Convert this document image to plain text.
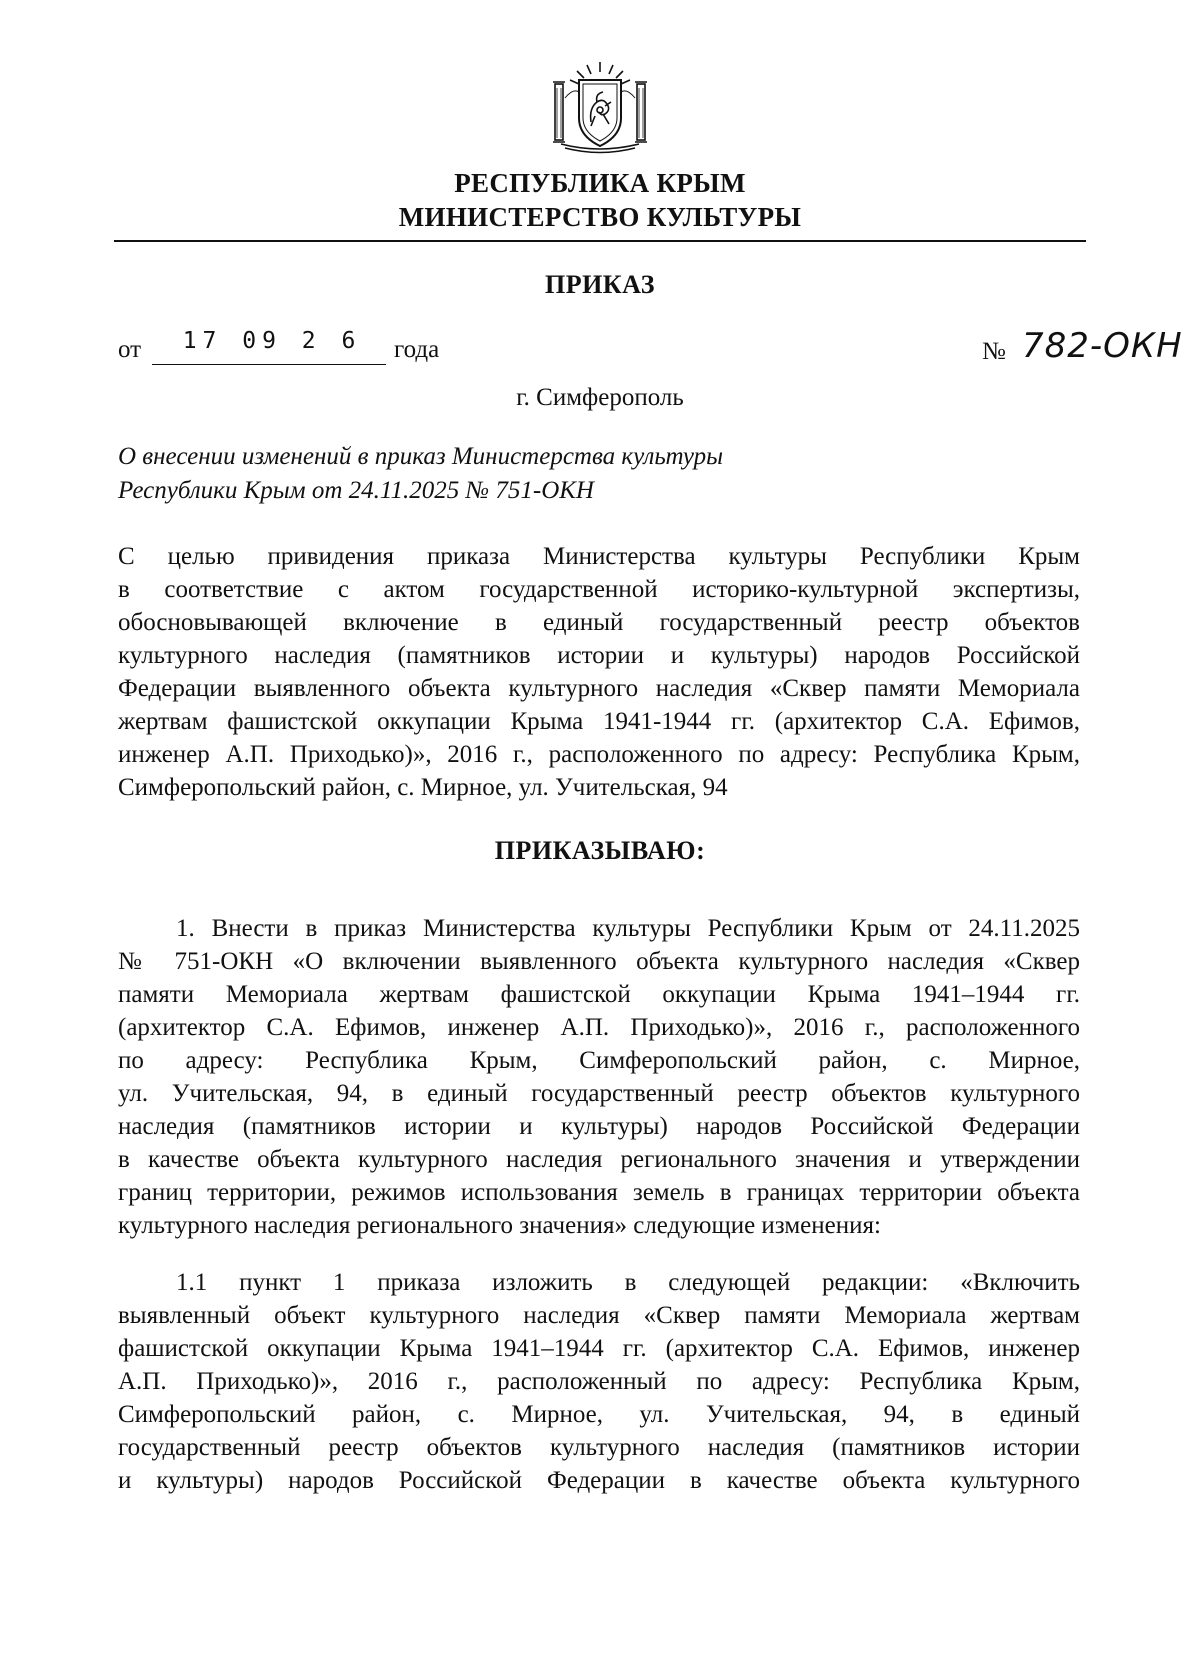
РЕСПУБЛИКА КРЫМ
МИНИСТЕРСТВО КУЛЬТУРЫ
ПРИКАЗ
от 17 09 2 6 года	№ 782-ОКН
г. Симферополь
О внесении изменений в приказ Министерства культуры
Республики Крым от 24.11.2025 № 751-ОКН
С целью привидения приказа Министерства культуры Республики Крым
в соответствие с актом государственной историко-культурной экспертизы,
обосновывающей включение в единый государственный реестр объектов
культурного наследия (памятников истории и культуры) народов Российской
Федерации выявленного объекта культурного наследия «Сквер памяти Мемориала
жертвам фашистской оккупации Крыма 1941-1944 гг. (архитектор С.А. Ефимов,
инженер А.П. Приходько)», 2016 г., расположенного по адресу: Республика Крым,
Симферопольский район, с. Мирное, ул. Учительская, 94
ПРИКАЗЫВАЮ:
1. Внести в приказ Министерства культуры Республики Крым от 24.11.2025
№ 751-ОКН «О включении выявленного объекта культурного наследия «Сквер
памяти Мемориала жертвам фашистской оккупации Крыма 1941–1944 гг.
(архитектор С.А. Ефимов, инженер А.П. Приходько)», 2016 г., расположенного
по адресу: Республика Крым, Симферопольский район, с. Мирное,
ул. Учительская, 94, в единый государственный реестр объектов культурного
наследия (памятников истории и культуры) народов Российской Федерации
в качестве объекта культурного наследия регионального значения и утверждении
границ территории, режимов использования земель в границах территории объекта
культурного наследия регионального значения» следующие изменения:
1.1 пункт 1 приказа изложить в следующей редакции: «Включить
выявленный объект культурного наследия «Сквер памяти Мемориала жертвам
фашистской оккупации Крыма 1941–1944 гг. (архитектор С.А. Ефимов, инженер
А.П. Приходько)», 2016 г., расположенный по адресу: Республика Крым,
Симферопольский район, с. Мирное, ул. Учительская, 94, в единый
государственный реестр объектов культурного наследия (памятников истории
и культуры) народов Российской Федерации в качестве объекта культурного
